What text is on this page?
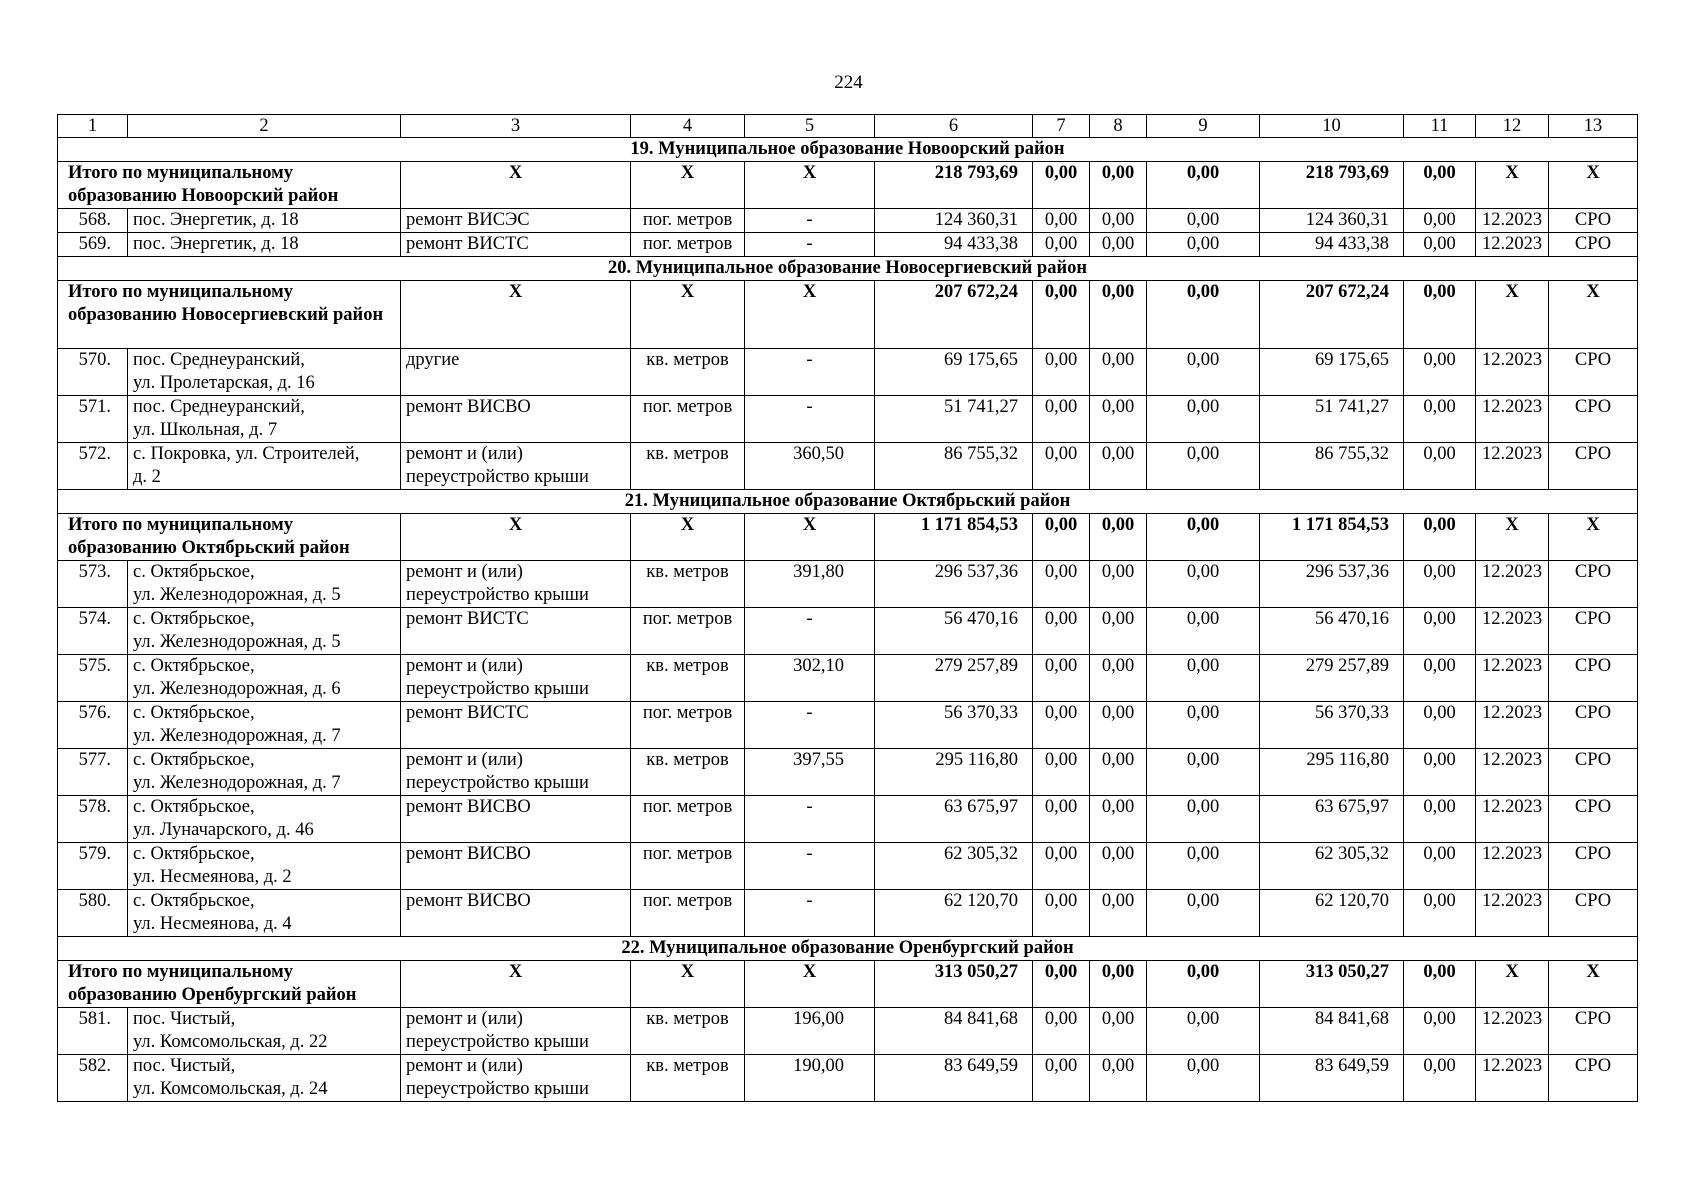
224
1	2	3	4	5	6	7	8	9	10	11	12	13
19. Муниципальное образование Новоорский район												
Итого по муниципальному образованию Новоорский район		X	X	X	218 793,69	0,00	0,00	0,00	218 793,69	0,00	X	X
568.	пос. Энергетик, д. 18	ремонт ВИСЭС	пог. метров	-	124 360,31	0,00	0,00	0,00	124 360,31	0,00	12.2023	СРО
569.	пос. Энергетик, д. 18	ремонт ВИСТС	пог. метров	-	94 433,38	0,00	0,00	0,00	94 433,38	0,00	12.2023	СРО
20. Муниципальное образование Новосергиевский район												
Итого по муниципальному образованию Новосергиевский район		X	X	X	207 672,24	0,00	0,00	0,00	207 672,24	0,00	X	X
570.	пос. Среднеуранский,
ул. Пролетарская, д. 16	другие	кв. метров	-	69 175,65	0,00	0,00	0,00	69 175,65	0,00	12.2023	СРО
571.	пос. Среднеуранский,
ул. Школьная, д. 7	ремонт ВИСВО	пог. метров	-	51 741,27	0,00	0,00	0,00	51 741,27	0,00	12.2023	СРО
572.	с. Покровка, ул. Строителей,
д. 2	ремонт и (или)
переустройство крыши	кв. метров	360,50	86 755,32	0,00	0,00	0,00	86 755,32	0,00	12.2023	СРО
21. Муниципальное образование Октябрьский район												
Итого по муниципальному образованию Октябрьский район		X	X	X	1 171 854,53	0,00	0,00	0,00	1 171 854,53	0,00	X	X
573.	с. Октябрьское,
ул. Железнодорожная, д. 5	ремонт и (или)
переустройство крыши	кв. метров	391,80	296 537,36	0,00	0,00	0,00	296 537,36	0,00	12.2023	СРО
574.	с. Октябрьское,
ул. Железнодорожная, д. 5	ремонт ВИСТС	пог. метров	-	56 470,16	0,00	0,00	0,00	56 470,16	0,00	12.2023	СРО
575.	с. Октябрьское,
ул. Железнодорожная, д. 6	ремонт и (или)
переустройство крыши	кв. метров	302,10	279 257,89	0,00	0,00	0,00	279 257,89	0,00	12.2023	СРО
576.	с. Октябрьское,
ул. Железнодорожная, д. 7	ремонт ВИСТС	пог. метров	-	56 370,33	0,00	0,00	0,00	56 370,33	0,00	12.2023	СРО
577.	с. Октябрьское,
ул. Железнодорожная, д. 7	ремонт и (или)
переустройство крыши	кв. метров	397,55	295 116,80	0,00	0,00	0,00	295 116,80	0,00	12.2023	СРО
578.	с. Октябрьское,
ул. Луначарского, д. 46	ремонт ВИСВО	пог. метров	-	63 675,97	0,00	0,00	0,00	63 675,97	0,00	12.2023	СРО
579.	с. Октябрьское,
ул. Несмеянова, д. 2	ремонт ВИСВО	пог. метров	-	62 305,32	0,00	0,00	0,00	62 305,32	0,00	12.2023	СРО
580.	с. Октябрьское,
ул. Несмеянова, д. 4	ремонт ВИСВО	пог. метров	-	62 120,70	0,00	0,00	0,00	62 120,70	0,00	12.2023	СРО
22. Муниципальное образование Оренбургский район												
Итого по муниципальному образованию Оренбургский район		X	X	X	313 050,27	0,00	0,00	0,00	313 050,27	0,00	X	X
581.	пос. Чистый,
ул. Комсомольская, д. 22	ремонт и (или)
переустройство крыши	кв. метров	196,00	84 841,68	0,00	0,00	0,00	84 841,68	0,00	12.2023	СРО
582.	пос. Чистый,
ул. Комсомольская, д. 24	ремонт и (или)
переустройство крыши	кв. метров	190,00	83 649,59	0,00	0,00	0,00	83 649,59	0,00	12.2023	СРО
